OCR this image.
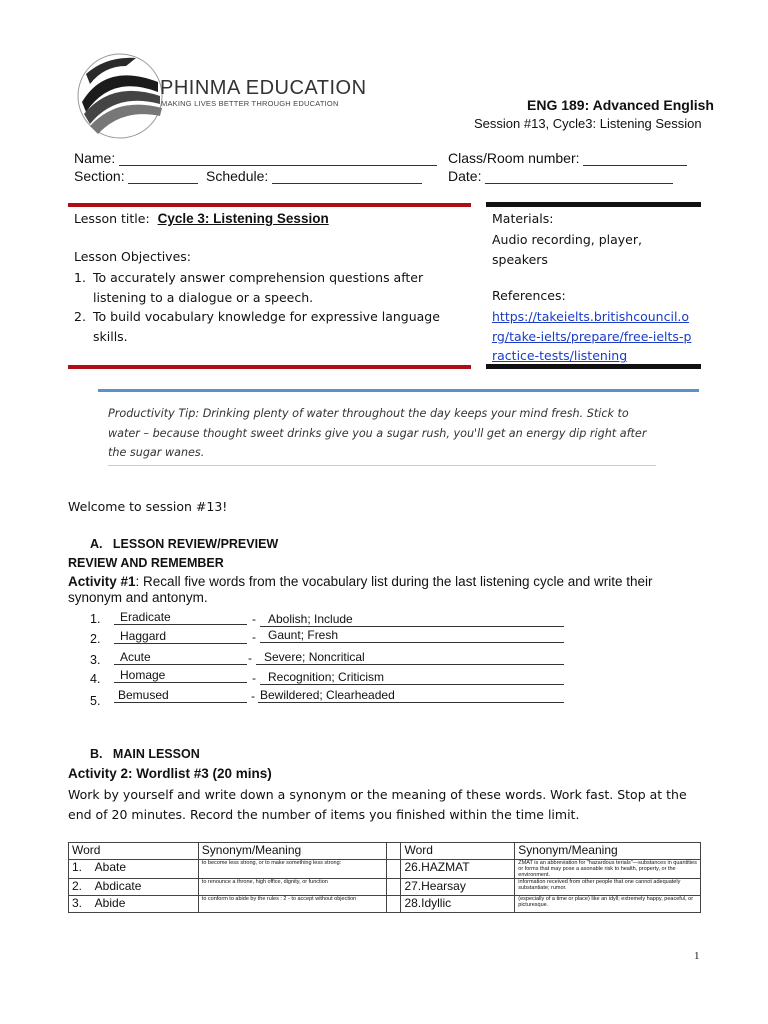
PHINMA EDUCATION
MAKING LIVES BETTER THROUGH EDUCATION	ENG 189: Advanced English
Session #13, Cycle3: Listening Session
Name:
Section:	Schedule:
Class/Room number:
Date:
Lesson title: Cycle 3: Listening Session
Lesson Objectives:
1. To accurately answer comprehension questions after listening to a dialogue or a speech.
2. To build vocabulary knowledge for expressive language skills.
Materials:
Audio recording, player, speakers
References:
https://takeielts.britishcouncil.org/take-ielts/prepare/free-ielts-practice-tests/listening
Productivity Tip: Drinking plenty of water throughout the day keeps your mind fresh. Stick to water – because thought sweet drinks give you a sugar rush, you'll get an energy dip right after the sugar wanes.
Welcome to session #13!
A.   LESSON REVIEW/PREVIEW
REVIEW AND REMEMBER
Activity #1: Recall five words from the vocabulary list during the last listening cycle and write their synonym and antonym.
1.	Eradicate	-	Abolish; Include
2.	Haggard	-	Gaunt; Fresh
3.	Acute	-	Severe; Noncritical
4.	Homage	-	Recognition; Criticism
5.	Bemused	- Bewildered; Clearheaded
B.   MAIN LESSON
Activity 2: Wordlist #3 (20 mins)
Work by yourself and write down a synonym or the meaning of these words. Work fast. Stop at the end of 20 minutes. Record the number of items you finished within the time limit.
Word	Synonym/Meaning		Word	Synonym/Meaning
1.    Abate	to become less strong, or to make something less strong:		26.HAZMAT	ZMAT is an abbreviation for "hazardous terials"—substances in quantities or forms that may pose a asonable risk to health, property, or the environment.
2.    Abdicate	to renounce a throne, high office, dignity, or function		27.Hearsay	information received from other people that one cannot adequately substantiate; rumor.
3.    Abide	to conform to abide by the rules : 2 - to accept without objection		28.Idyllic	(especially of a time or place) like an idyll; extremely happy, peaceful, or picturesque.
1
